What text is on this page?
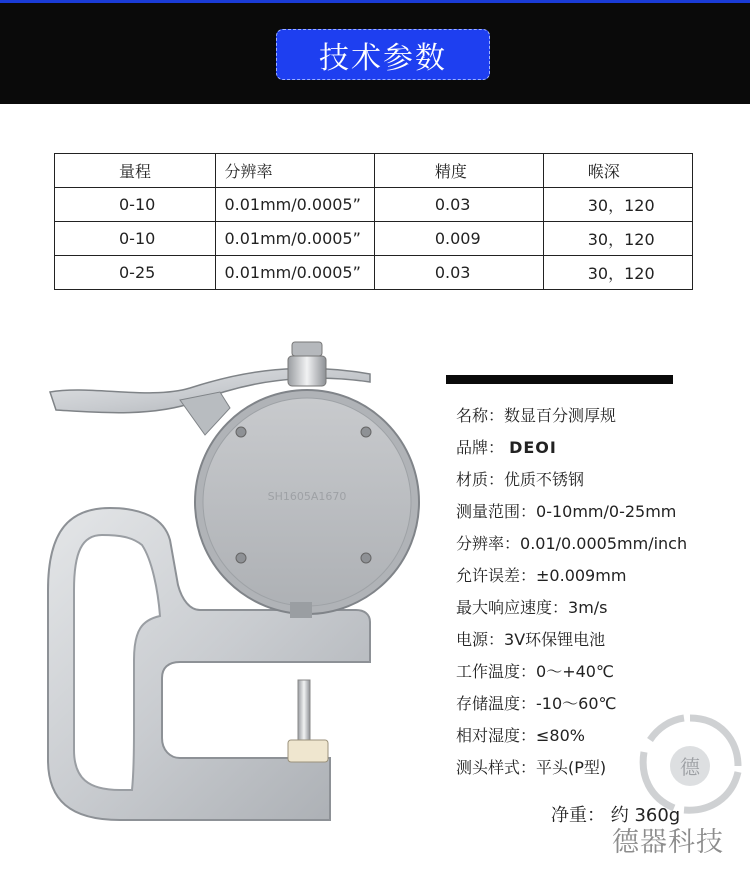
技术参数
量程	分辨率	精度	喉深
0-10	0.01mm/0.0005”	0.03	30，120
0-10	0.01mm/0.0005”	0.009	30，120
0-25	0.01mm/0.0005”	0.03	30，120
SH1605A1670
名称：数显百分测厚规
品牌： DEOI
材质：优质不锈钢
测量范围：0-10mm/0-25mm
分辨率：0.01/0.0005mm/inch
允许误差：±0.009mm
最大响应速度：3m/s
电源：3V环保锂电池
工作温度：0～+40℃
存储温度：-10～60℃
相对湿度：≤80%
测头样式：平头(P型)	德
净重： 约 360g
德器科技
